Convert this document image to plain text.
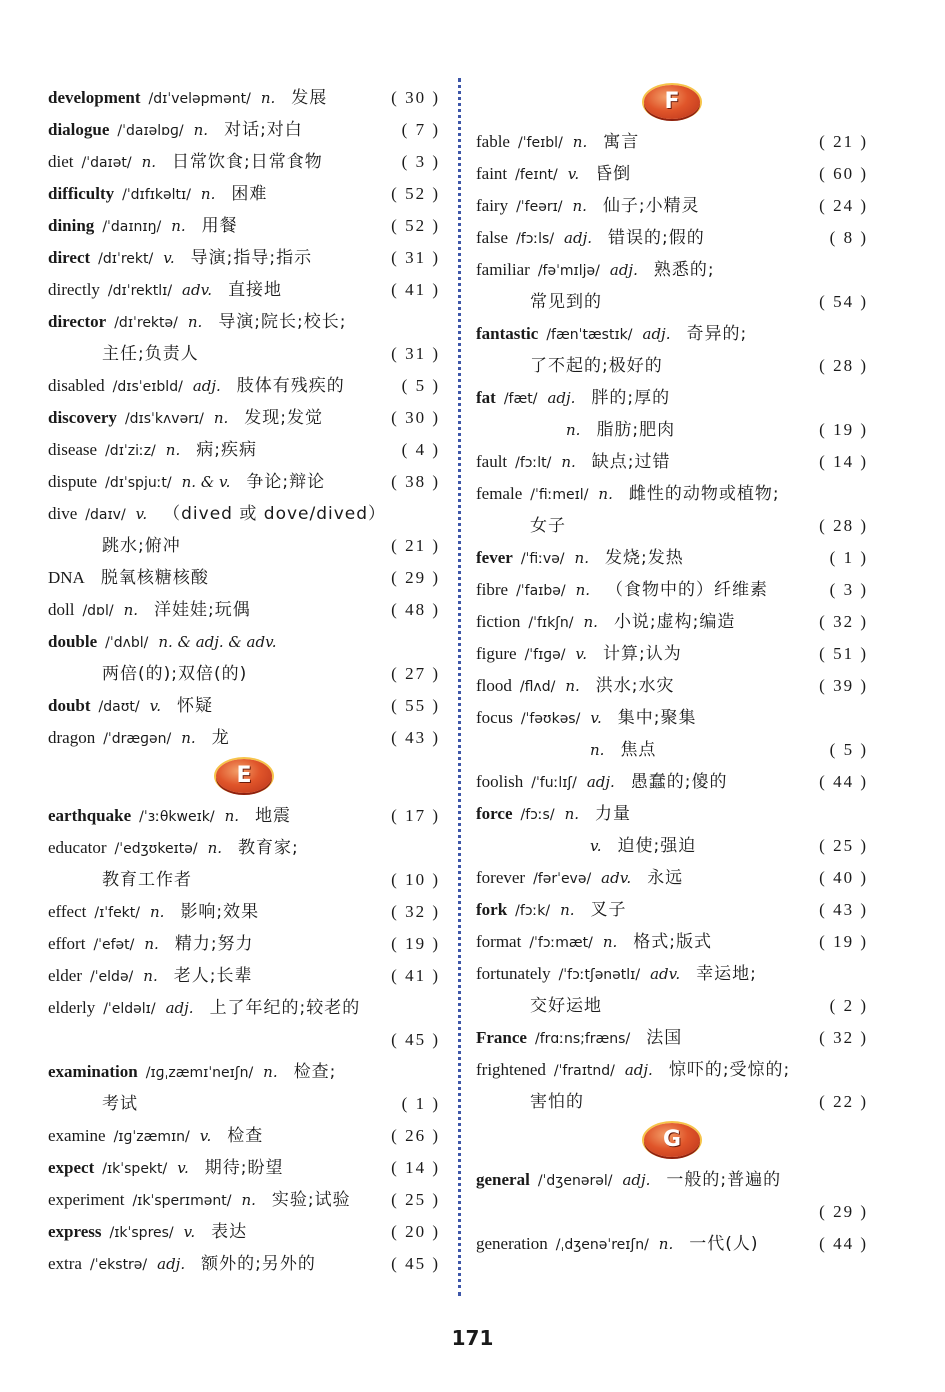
development /dɪˈveləpmənt/ n. 发展	( 30 )
dialogue /ˈdaɪəlɒɡ/ n. 对话;对白	( 7 )
diet /ˈdaɪət/ n. 日常饮食;日常食物	( 3 )
difficulty /ˈdɪfɪkəltɪ/ n. 困难	( 52 )
dining /ˈdaɪnɪŋ/ n. 用餐	( 52 )
direct /dɪˈrekt/ v. 导演;指导;指示	( 31 )
directly /dɪˈrektlɪ/ adv. 直接地	( 41 )
director /dɪˈrektə/ n. 导演;院长;校长;
主任;负责人	( 31 )
disabled /dɪsˈeɪbld/ adj. 肢体有残疾的	( 5 )
discovery /dɪsˈkʌvərɪ/ n. 发现;发觉	( 30 )
disease /dɪˈziːz/ n. 病;疾病	( 4 )
dispute /dɪˈspjuːt/ n. & v. 争论;辩论	( 38 )
dive /daɪv/ v. （dived 或 dove/dived）
跳水;俯冲	( 21 )
DNA 脱氧核糖核酸	( 29 )
doll /dɒl/ n. 洋娃娃;玩偶	( 48 )
double /ˈdʌbl/ n. & adj. & adv.
两倍(的);双倍(的)	( 27 )
doubt /daʊt/ v. 怀疑	( 55 )
dragon /ˈdræɡən/ n. 龙	( 43 )
E
earthquake /ˈɜːθkweɪk/ n. 地震	( 17 )
educator /ˈedʒʊkeɪtə/ n. 教育家;
教育工作者	( 10 )
effect /ɪˈfekt/ n. 影响;效果	( 32 )
effort /ˈefət/ n. 精力;努力	( 19 )
elder /ˈeldə/ n. 老人;长辈	( 41 )
elderly /ˈeldəlɪ/ adj. 上了年纪的;较老的
( 45 )
examination /ɪɡˌzæmɪˈneɪʃn/ n. 检查;
考试	( 1 )
examine /ɪɡˈzæmɪn/ v. 检查	( 26 )
expect /ɪkˈspekt/ v. 期待;盼望	( 14 )
experiment /ɪkˈsperɪmənt/ n. 实验;试验 ( 25 )
express /ɪkˈspres/ v. 表达	( 20 )
extra /ˈekstrə/ adj. 额外的;另外的	( 45 )
F
fable /ˈfeɪbl/ n. 寓言	( 21 )
faint /feɪnt/ v. 昏倒	( 60 )
fairy /ˈfeərɪ/ n. 仙子;小精灵	( 24 )
false /fɔːls/ adj. 错误的;假的	( 8 )
familiar /fəˈmɪljə/ adj. 熟悉的;
常见到的	( 54 )
fantastic /fænˈtæstɪk/ adj. 奇异的;
了不起的;极好的	( 28 )
fat /fæt/ adj. 胖的;厚的
n. 脂肪;肥肉	( 19 )
fault /fɔːlt/ n. 缺点;过错	( 14 )
female /ˈfiːmeɪl/ n. 雌性的动物或植物;
女子	( 28 )
fever /ˈfiːvə/ n. 发烧;发热	( 1 )
fibre /ˈfaɪbə/ n. （食物中的）纤维素	( 3 )
fiction /ˈfɪkʃn/ n. 小说;虚构;编造	( 32 )
figure /ˈfɪɡə/ v. 计算;认为	( 51 )
flood /flʌd/ n. 洪水;水灾	( 39 )
focus /ˈfəʊkəs/ v. 集中;聚集
n. 焦点	( 5 )
foolish /ˈfuːlɪʃ/ adj. 愚蠢的;傻的	( 44 )
force /fɔːs/ n. 力量
v. 迫使;强迫	( 25 )
forever /fərˈevə/ adv. 永远	( 40 )
fork /fɔːk/ n. 叉子	( 43 )
format /ˈfɔːmæt/ n. 格式;版式	( 19 )
fortunately /ˈfɔːtʃənətlɪ/ adv. 幸运地;
交好运地	( 2 )
France /frɑːns;fræns/ 法国	( 32 )
frightened /ˈfraɪtnd/ adj. 惊吓的;受惊的;
害怕的	( 22 )
G
general /ˈdʒenərəl/ adj. 一般的;普遍的
( 29 )
generation /ˌdʒenəˈreɪʃn/ n. 一代(人)	( 44 )
171
